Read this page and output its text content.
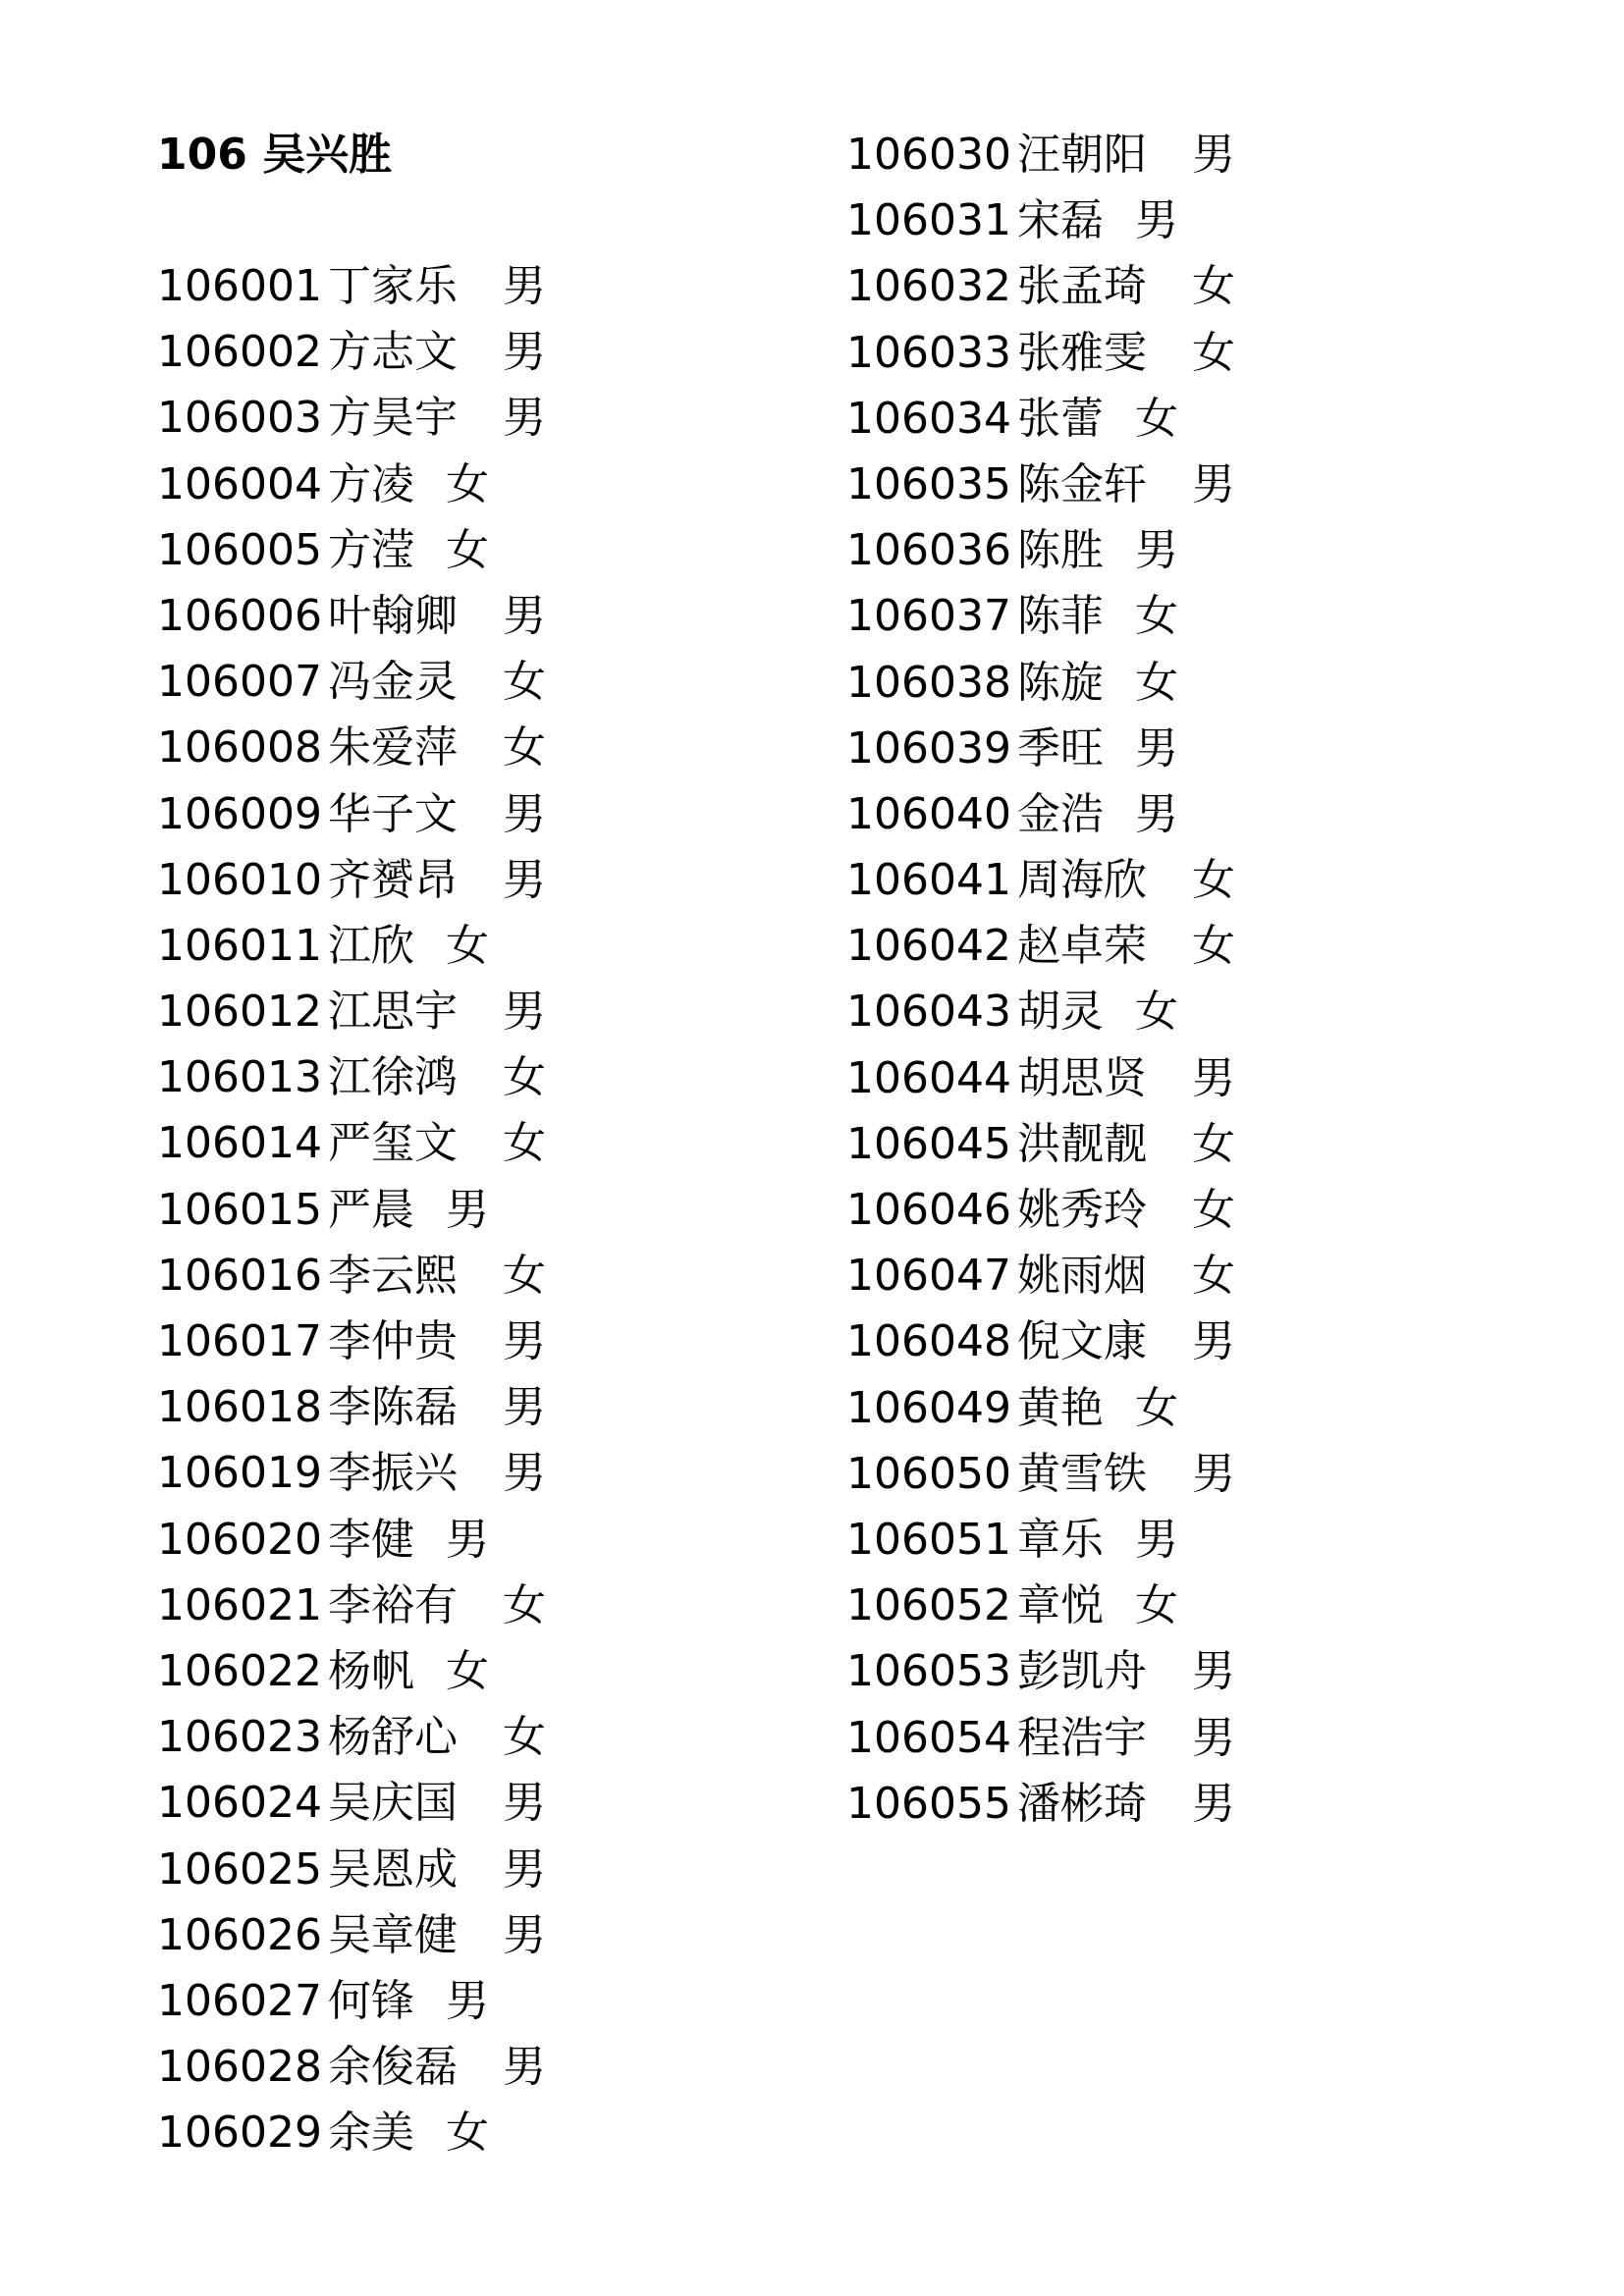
106 吴兴胜
106001 丁家乐 男
106002 方志文 男
106003 方昊宇 男
106004 方凌 女
106005 方滢 女
106006 叶翰卿 男
106007 冯金灵 女
106008 朱爱萍 女
106009 华子文 男
106010 齐赟昂 男
106011 江欣 女
106012 江思宇 男
106013 江徐鸿 女
106014 严玺文 女
106015 严晨 男
106016 李云熙 女
106017 李仲贵 男
106018 李陈磊 男
106019 李振兴 男
106020 李健 男
106021 李裕有 女
106022 杨帆 女
106023 杨舒心 女
106024 吴庆国 男
106025 吴恩成 男
106026 吴章健 男
106027 何锋 男
106028 余俊磊 男
106029 余美 女
106030 汪朝阳 男
106031 宋磊 男
106032 张孟琦 女
106033 张雅雯 女
106034 张蕾 女
106035 陈金轩 男
106036 陈胜 男
106037 陈菲 女
106038 陈旋 女
106039 季旺 男
106040 金浩 男
106041 周海欣 女
106042 赵卓荣 女
106043 胡灵 女
106044 胡思贤 男
106045 洪靓靓 女
106046 姚秀玲 女
106047 姚雨烟 女
106048 倪文康 男
106049 黄艳 女
106050 黄雪铁 男
106051 章乐 男
106052 章悦 女
106053 彭凯舟 男
106054 程浩宇 男
106055 潘彬琦 男
